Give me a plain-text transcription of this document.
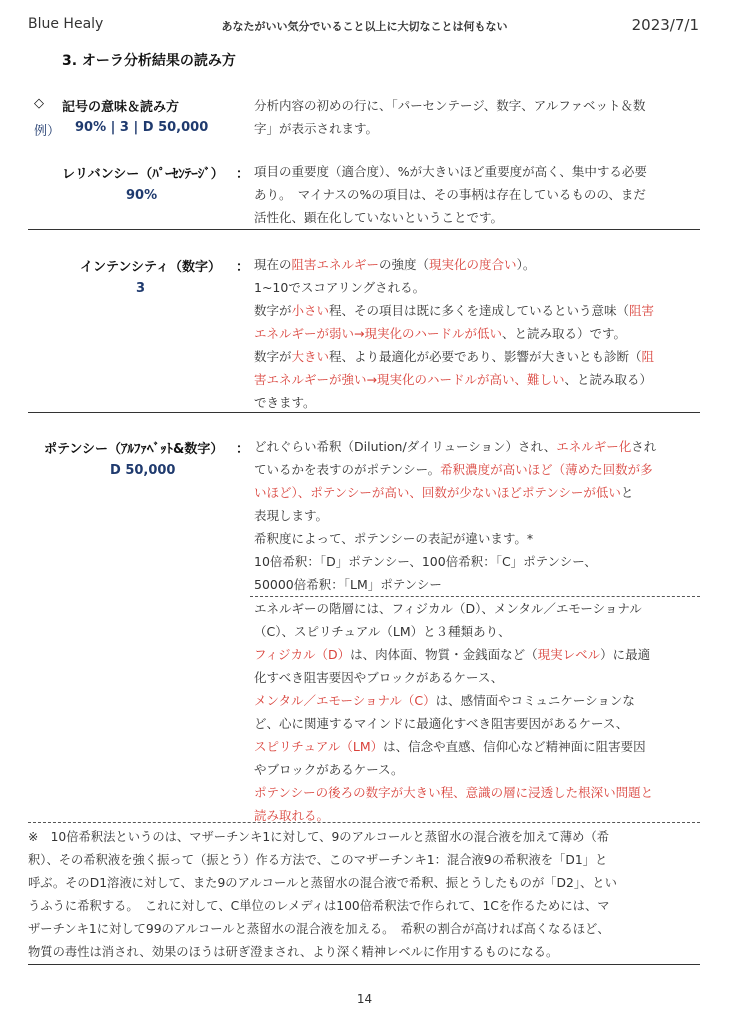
Blue Healy	あなたがいい気分でいること以上に大切なことは何もない	2023/7/1
3. オーラ分析結果の読み方
◇ 記号の意味＆読み方
例） 90% | 3 | D 50,000
分析内容の初めの行に、「パーセンテージ、数字、アルファベット＆数
字」が表示されます。
レリバンシー（ﾊﾟｰｾﾝﾃｰｼﾞ） ：
90%
項目の重要度（適合度）、%が大きいほど重要度が高く、集中する必要
あり。　マイナスの%の項目は、その事柄は存在しているものの、まだ
活性化、顕在化していないということです。
インテンシティ（数字） ：
3
現在の阻害エネルギーの強度（現実化の度合い）。
1~10でスコアリングされる。
数字が小さい程、その項目は既に多くを達成しているという意味（阻害
エネルギーが弱い→現実化のハードルが低い、と読み取る）です。
数字が大きい程、より最適化が必要であり、影響が大きいとも診断（阻
害エネルギーが強い→現実化のハードルが高い、難しい、と読み取る）
できます。
ポテンシー（ｱﾙﾌｧﾍﾞｯﾄ&数字） ：
D 50,000
どれぐらい希釈（Dilution/ダイリューション）され、エネルギー化され
ているかを表すのがポテンシー。希釈濃度が高いほど（薄めた回数が多
いほど）、ポテンシーが高い、回数が少ないほどポテンシーが低いと
表現します。
希釈度によって、ポテンシーの表記が違います。*
10倍希釈：「D」ポテンシー、100倍希釈：「C」ポテンシー、
50000倍希釈：「LM」ポテンシー
エネルギーの階層には、フィジカル（D）、メンタル／エモーショナル
（C）、スピリチュアル（LM）と３種類あり、
フィジカル（D）は、肉体面、物質・金銭面など（現実レベル）に最適
化すべき阻害要因やブロックがあるケース、
メンタル／エモーショナル（C）は、感情面やコミュニケーションな
ど、心に関連するマインドに最適化すべき阻害要因があるケース、
スピリチュアル（LM）は、信念や直感、信仰心など精神面に阻害要因
やブロックがあるケース。
ポテンシーの後ろの数字が大きい程、意識の層に浸透した根深い問題と
読み取れる。
※　10倍希釈法というのは、マザーチンキ1に対して、9のアルコールと蒸留水の混合液を加えて薄め（希
釈）、その希釈液を強く振って（振とう）作る方法で、このマザーチンキ1：混合液9の希釈液を「D1」と
呼ぶ。そのD1溶液に対して、また9のアルコールと蒸留水の混合液で希釈、振とうしたものが「D2」、とい
うふうに希釈する。　これに対して、C単位のレメディは100倍希釈法で作られて、1Cを作るためには、マ
ザーチンキ1に対して99のアルコールと蒸留水の混合液を加える。　希釈の割合が高ければ高くなるほど、
物質の毒性は消され、効果のほうは研ぎ澄まされ、より深く精神レベルに作用するものになる。
14
